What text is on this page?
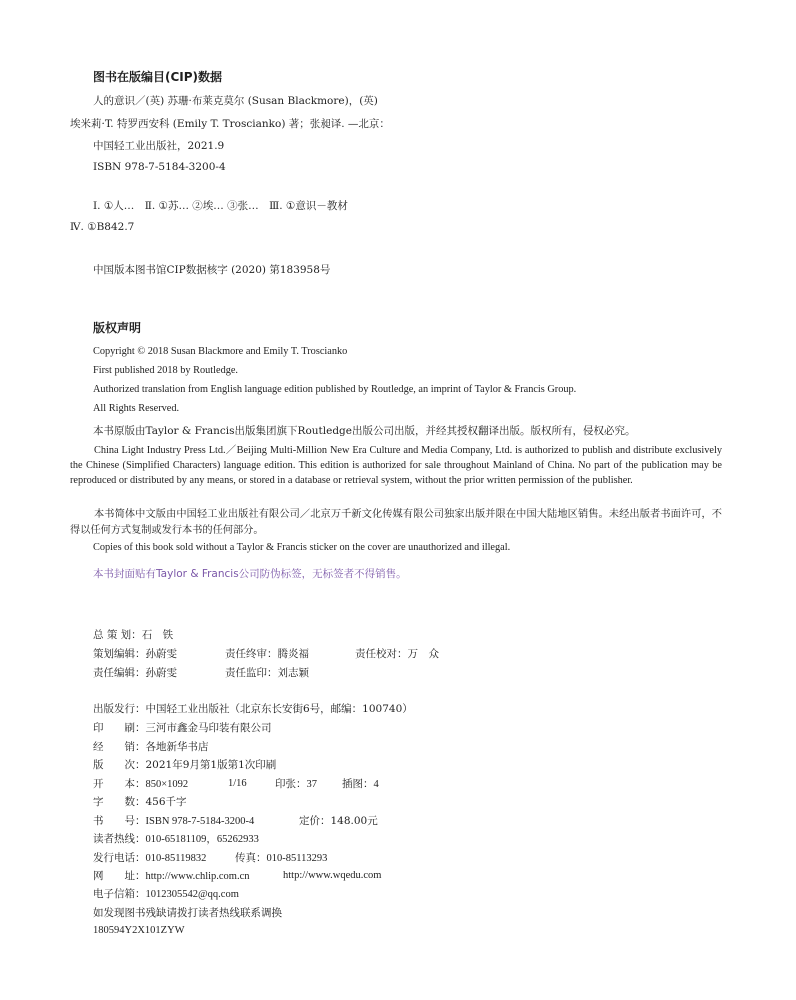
图书在版编目(CIP)数据
人的意识／(英) 苏珊·布莱克莫尔 (Susan Blackmore)，(英)
埃米莉·T. 特罗西安科 (Emily T. Troscianko) 著；张昶译. —北京：
中国轻工业出版社，2021.9
ISBN 978-7-5184-3200-4
Ⅰ. ①人…　Ⅱ. ①苏… ②埃… ③张…　Ⅲ. ①意识－教材
Ⅳ. ①B842.7
中国版本图书馆CIP数据核字 (2020) 第183958号
版权声明
Copyright © 2018 Susan Blackmore and Emily T. Troscianko
First published 2018 by Routledge.
Authorized translation from English language edition published by Routledge, an imprint of Taylor & Francis Group.
All Rights Reserved.
本书原版由Taylor & Francis出版集团旗下Routledge出版公司出版，并经其授权翻译出版。版权所有，侵权必究。
China Light Industry Press Ltd.／Beijing Multi-Million New Era Culture and Media Company, Ltd. is authorized to publish and distribute exclusively the Chinese (Simplified Characters) language edition. This edition is authorized for sale throughout Mainland of China. No part of the publication may be reproduced or distributed by any means, or stored in a database or retrieval system, without the prior written permission of the publisher.
本书简体中文版由中国轻工业出版社有限公司／北京万千新文化传媒有限公司独家出版并限在中国大陆地区销售。未经出版者书面许可，不得以任何方式复制或发行本书的任何部分。
Copies of this book sold without a Taylor & Francis sticker on the cover are unauthorized and illegal.
本书封面贴有Taylor & Francis公司防伪标签，无标签者不得销售。
总 策 划：石　铁
策划编辑：孙蔚雯	责任终审：腾炎福	责任校对：万　众
责任编辑：孙蔚雯	责任监印：刘志颖
出版发行：中国轻工业出版社（北京东长安街6号，邮编：100740）
印　　刷：三河市鑫金马印装有限公司
经　　销：各地新华书店
版　　次：2021年9月第1版第1次印刷
开　　本：850×1092	1/16	印张：37 插图：4
字　　数：456千字
书　　号：ISBN 978-7-5184-3200-4	定价：148.00元
读者热线：010-65181109，65262933
发行电话：010-85119832	传真：010-85113293
网　　址：http://www.chlip.com.cn	http://www.wqedu.com
电子信箱：1012305542@qq.com
如发现图书残缺请拨打读者热线联系调换
180594Y2X101ZYW
